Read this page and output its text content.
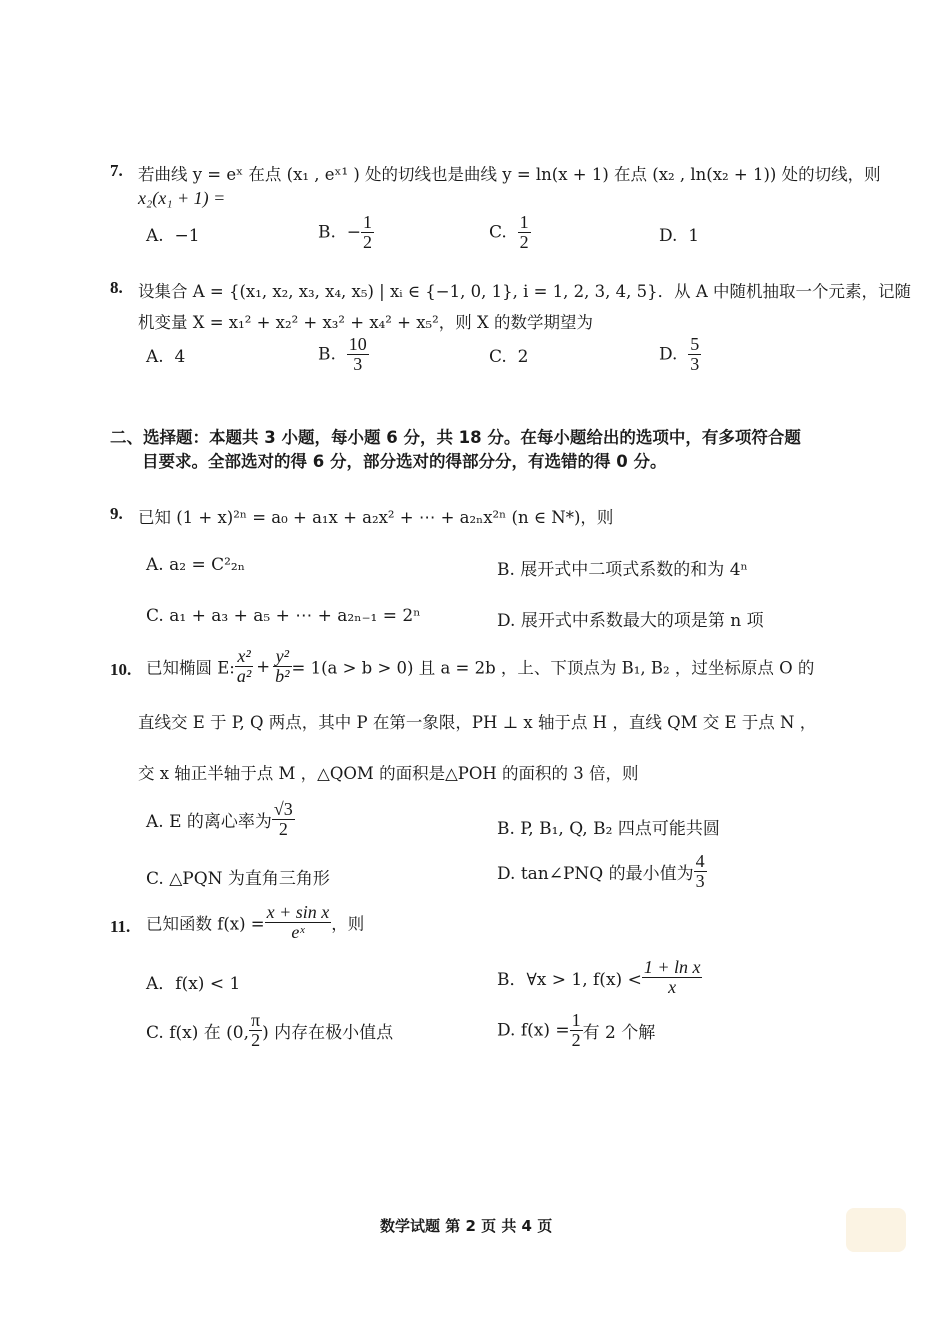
7. 若曲线 y = eˣ 在点 (x₁ , eˣ¹ ) 处的切线也是曲线 y = ln(x + 1) 在点 (x₂ , ln(x₂ + 1)) 处的切线，则
x₂(x₁ + 1) =
A. −1	B. − $\frac{1}{2}$	C. $\frac{1}{2}$	D. 1
8. 设集合 A = {(x₁, x₂, x₃, x₄, x₅) | xᵢ ∈ {−1, 0, 1}, i = 1, 2, 3, 4, 5}．从 A 中随机抽取一个元素，记随
机变量 X = x₁² + x₂² + x₃² + x₄² + x₅²，则 X 的数学期望为
A. 4	B. $\frac{10}{3}$	C. 2	D. $\frac{5}{3}$
二、选择题：本题共 3 小题，每小题 6 分，共 18 分。在每小题给出的选项中，有多项符合题
目要求。全部选对的得 6 分，部分选对的得部分分，有选错的得 0 分。
9. 已知 (1 + x)²ⁿ = a₀ + a₁x + a₂x² + ⋯ + a₂ₙx²ⁿ (n ∈ N*)，则
A. a₂ = C²₂ₙ	B. 展开式中二项式系数的和为 4ⁿ
C. a₁ + a₃ + a₅ + ⋯ + a₂ₙ₋₁ = 2ⁿ	D. 展开式中系数最大的项是第 n 项
10. 已知椭圆 E: $\frac{\text{x²}}{\text{a²}} + \frac{\text{y²}}{\text{b²}} = 1(a > b > 0)$ 且 a = 2b ，上、下顶点为 B₁, B₂ ，过坐标原点 O 的
直线交 E 于 P, Q 两点，其中 P 在第一象限，PH ⊥ x 轴于点 H ，直线 QM 交 E 于点 N ，
交 x 轴正半轴于点 M ，△QOM 的面积是△POH 的面积的 3 倍，则
A. E 的离心率为 $\frac{√3}{2}$	B. P, B₁, Q, B₂ 四点可能共圆
C. △PQN 为直角三角形	D. tan∠PNQ 的最小值为 $\frac{4}{3}$
11. 已知函数 $f(x) = \frac{\text{x + sin x}}{\text{eˣ}}$ ，则
A．f(x) < 1	B．∀x > 1, $f(x) < \frac{\text{1 + ln x}}{x}$
C. f(x) 在 (0, $\frac{\pi}{2}$ ) 内存在极小值点	D. $f(x) = \frac{1}{2}$ 有 2 个解
数学试题 第 2 页 共 4 页
